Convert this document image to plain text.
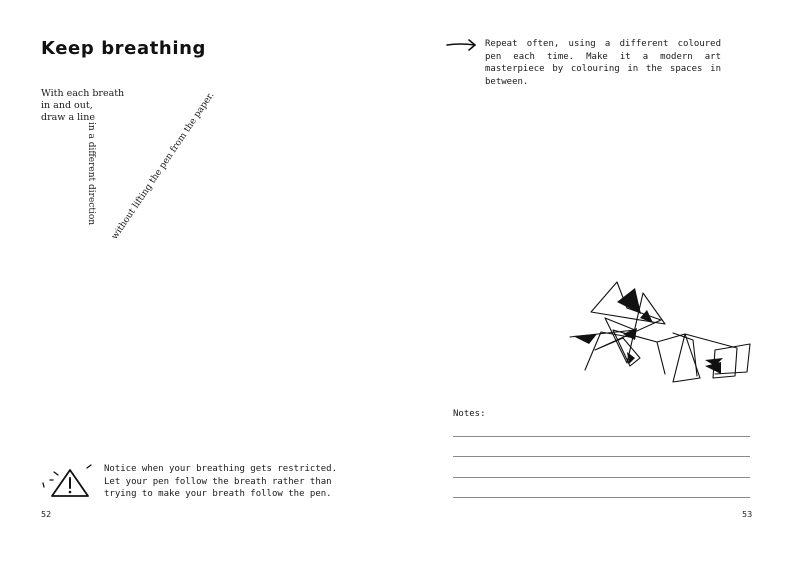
Keep breathing
With each breath
in and out,
draw a line
in a different direction without lifting the pen from the paper.
Notice when your breathing gets restricted. Let your pen follow the breath rather than trying to make your breath follow the pen.
52
Repeat often, using a different coloured pen each time. Make it a modern art masterpiece by colouring in the spaces in between.
Notes:
53
